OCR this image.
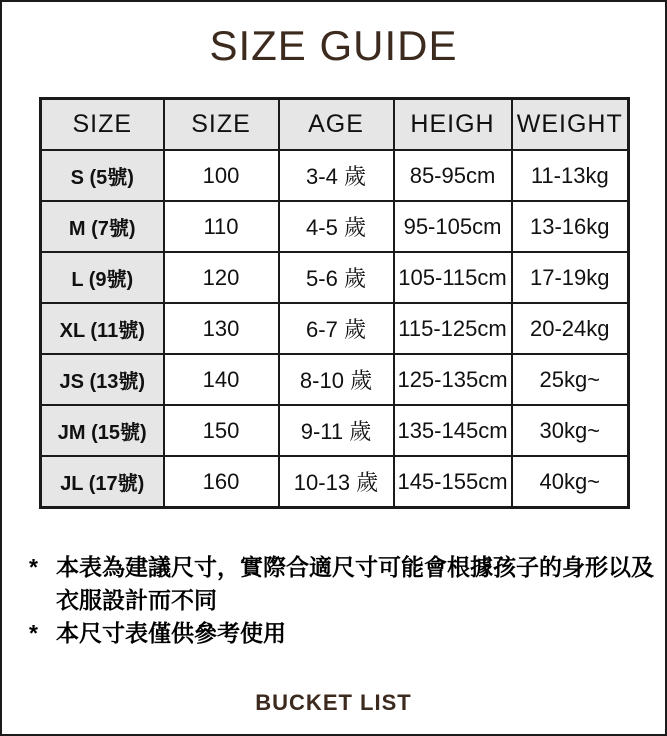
SIZE GUIDE
SIZE	SIZE	AGE	HEIGH	WEIGHT
S (5號)	100	3-4 歲	85-95cm	11-13kg
M (7號)	110	4-5 歲	95-105cm	13-16kg
L (9號)	120	5-6 歲	105-115cm	17-19kg
XL (11號)	130	6-7 歲	115-125cm	20-24kg
JS (13號)	140	8-10 歲	125-135cm	25kg~
JM (15號)	150	9-11 歲	135-145cm	30kg~
JL (17號)	160	10-13 歲	145-155cm	40kg~
* 本表為建議尺寸，實際合適尺寸可能會根據孩子的身形以及衣服設計而不同
* 本尺寸表僅供參考使用
BUCKET LIST
